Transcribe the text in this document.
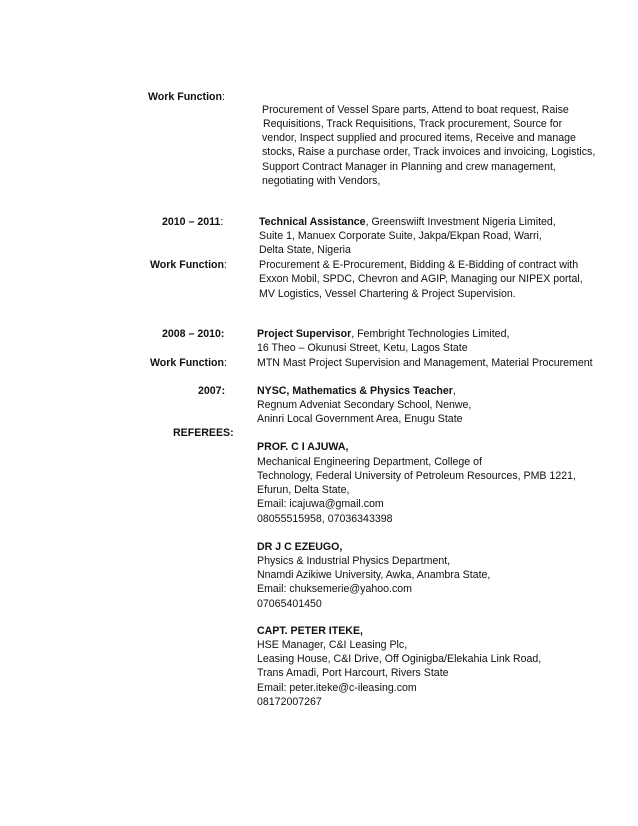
Work Function:
Procurement of Vessel Spare parts, Attend to boat request, Raise
Requisitions, Track Requisitions, Track procurement, Source for
vendor, Inspect supplied and procured items, Receive and manage
stocks, Raise a purchase order, Track invoices and invoicing, Logistics,
Support Contract Manager in Planning and crew management,
negotiating with Vendors,
2010 – 2011:	Technical Assistance, Greenswiift Investment Nigeria Limited,
Suite 1, Manuex Corporate Suite, Jakpa/Ekpan Road, Warri,
Delta State, Nigeria
Work Function:	Procurement & E-Procurement, Bidding & E-Bidding of contract with
Exxon Mobil, SPDC, Chevron and AGIP, Managing our NIPEX portal,
MV Logistics, Vessel Chartering & Project Supervision.
2008 – 2010:	Project Supervisor, Fembright Technologies Limited,
16 Theo – Okunusi Street, Ketu, Lagos State
Work Function:	MTN Mast Project Supervision and Management, Material Procurement
2007:	NYSC, Mathematics & Physics Teacher,
Regnum Adveniat Secondary School, Nenwe,
Aninri Local Government Area, Enugu State
REFEREES:
PROF. C I AJUWA,
Mechanical Engineering Department, College of
Technology, Federal University of Petroleum Resources, PMB 1221,
Efurun, Delta State,
Email: icajuwa@gmail.com
08055515958, 07036343398
DR J C EZEUGO,
Physics & Industrial Physics Department,
Nnamdi Azikiwe University, Awka, Anambra State,
Email: chuksemerie@yahoo.com
07065401450
CAPT. PETER ITEKE,
HSE Manager, C&I Leasing Plc,
Leasing House, C&I Drive, Off Oginigba/Elekahia Link Road,
Trans Amadi, Port Harcourt, Rivers State
Email: peter.iteke@c-ileasing.com
08172007267
